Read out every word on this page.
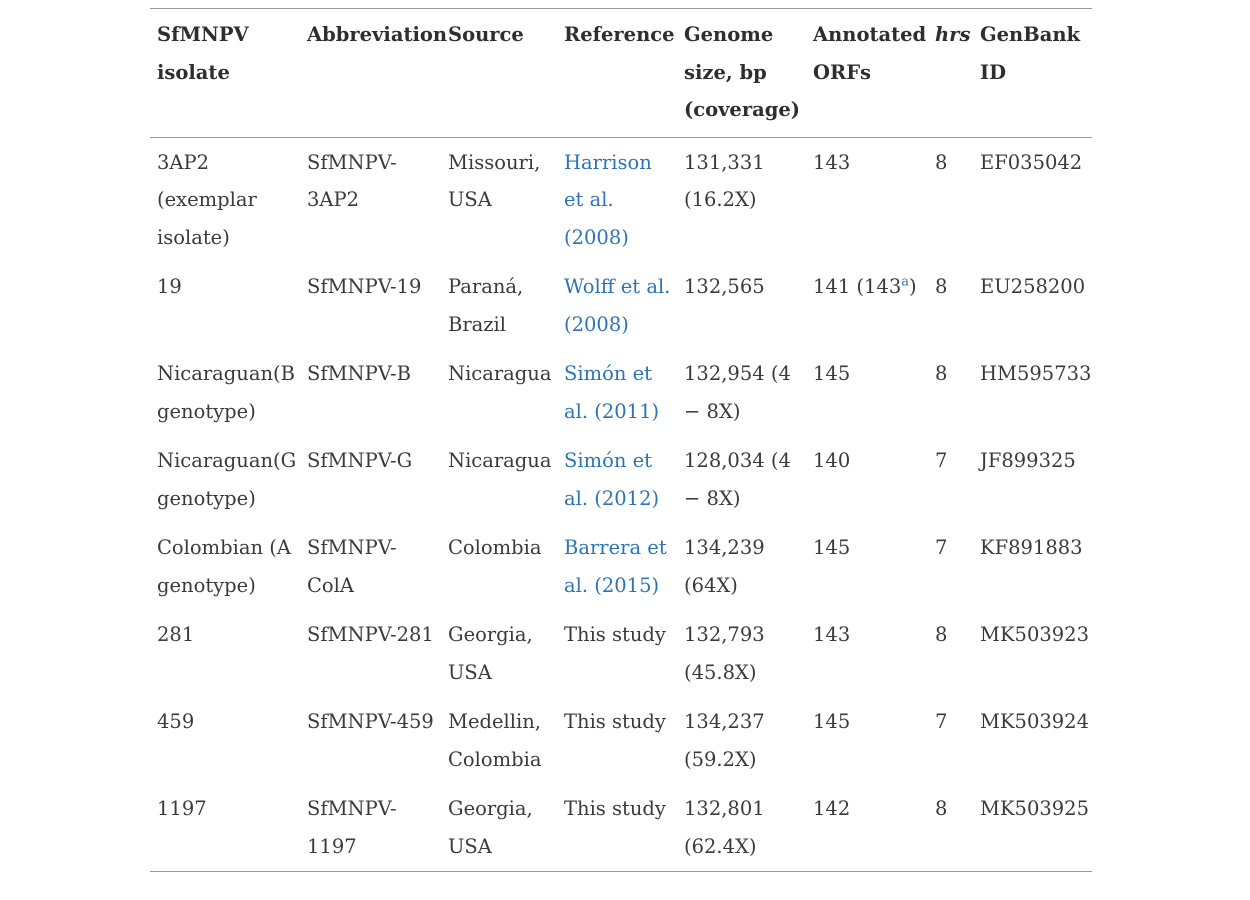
SfMNPV isolate	Abbreviation	Source	Reference	Genome size, bp (coverage)	Annotated ORFs	hrs	GenBank ID
3AP2 (exemplar isolate)	SfMNPV-3AP2	Missouri, USA	Harrison et al. (2008)	131,331 (16.2X)	143	8	EF035042
19	SfMNPV-19	Paraná, Brazil	Wolff et al. (2008)	132,565	141 (143$^a$)	8	EU258200
Nicaraguan(B genotype)	SfMNPV-B	Nicaragua	Simón et al. (2011)	132,954 (4 − 8X)	145	8	HM595733
Nicaraguan(G genotype)	SfMNPV-G	Nicaragua	Simón et al. (2012)	128,034 (4 − 8X)	140	7	JF899325
Colombian (A genotype)	SfMNPV-ColA	Colombia	Barrera et al. (2015)	134,239 (64X)	145	7	KF891883
281	SfMNPV-281	Georgia, USA	This study	132,793 (45.8X)	143	8	MK503923
459	SfMNPV-459	Medellin, Colombia	This study	134,237 (59.2X)	145	7	MK503924
1197	SfMNPV-1197	Georgia, USA	This study	132,801 (62.4X)	142	8	MK503925
